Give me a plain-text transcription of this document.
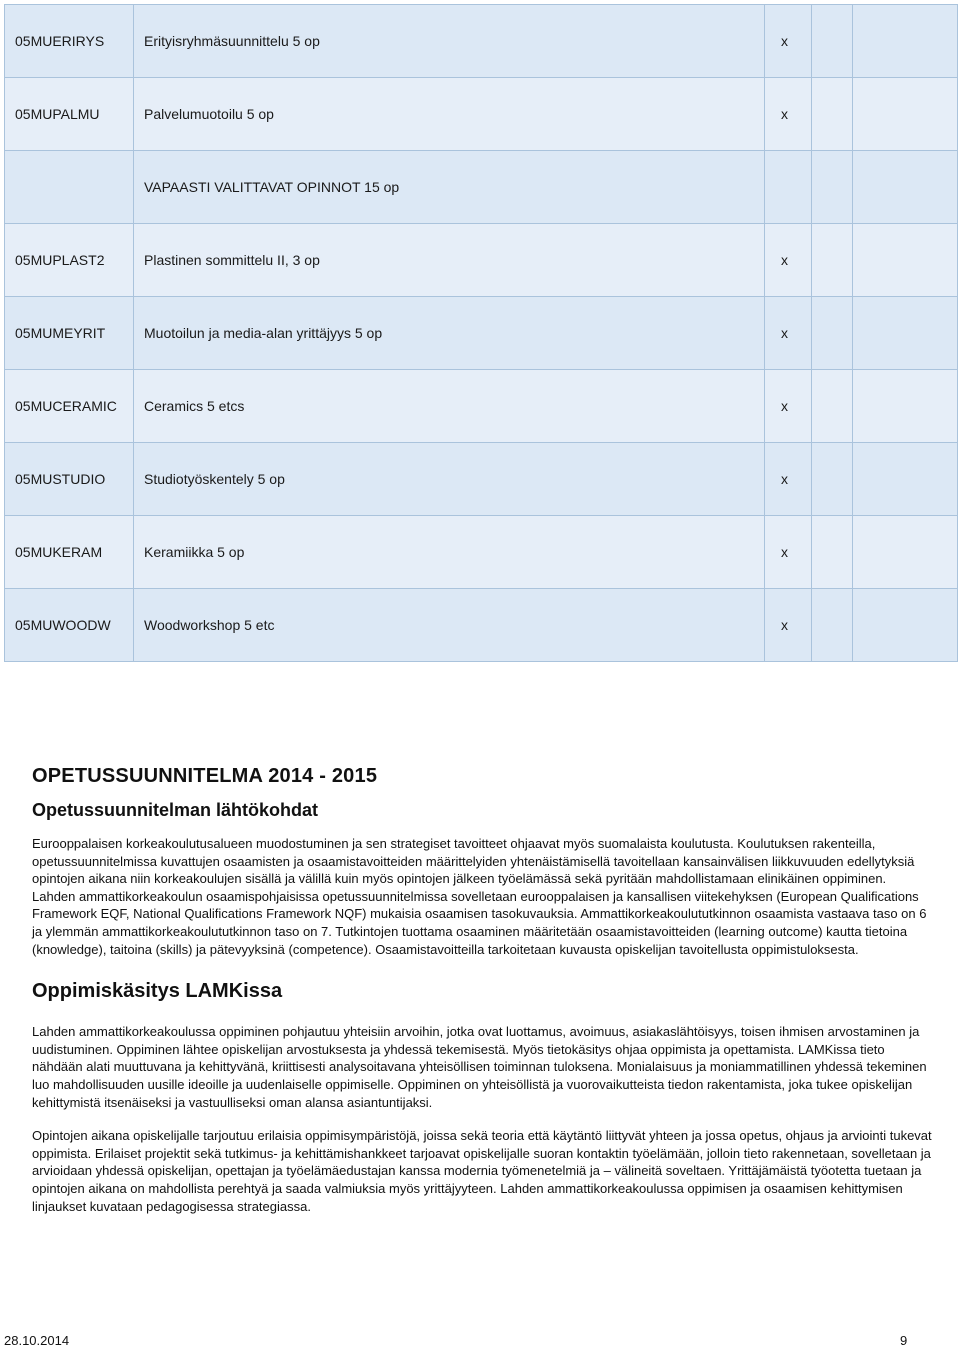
05MUERIRYS	Erityisryhmäsuunnittelu 5 op	x		
05MUPALMU	Palvelumuotoilu 5 op	x		
	VAPAASTI VALITTAVAT OPINNOT 15 op			
05MUPLAST2	Plastinen sommittelu II, 3 op	x		
05MUMEYRIT	Muotoilun ja media-alan yrittäjyys 5 op	x		
05MUCERAMIC	Ceramics 5 etcs	x		
05MUSTUDIO	Studiotyöskentely 5 op	x		
05MUKERAM	Keramiikka 5 op	x		
05MUWOODW	Woodworkshop 5 etc	x		
OPETUSSUUNNITELMA 2014 - 2015
Opetussuunnitelman lähtökohdat

Eurooppalaisen korkeakoulutusalueen muodostuminen ja sen strategiset tavoitteet ohjaavat myös suomalaista koulutusta. Koulutuksen rakenteilla, opetussuunnitelmissa kuvattujen osaamisten ja osaamistavoitteiden määrittelyiden yhtenäistämisellä tavoitellaan kansainvälisen liikkuvuuden edellytyksiä opintojen aikana niin korkeakoulujen sisällä ja välillä kuin myös opintojen jälkeen työelämässä sekä pyritään mahdollistamaan elinikäinen oppiminen. Lahden ammattikorkeakoulun osaamispohjaisissa opetussuunnitelmissa sovelletaan eurooppalaisen ja kansallisen viitekehyksen (European Qualifications Framework EQF, National Qualifications Framework NQF) mukaisia osaamisen tasokuvauksia. Ammattikorkeakoulututkinnon osaamista vastaava taso on 6 ja ylemmän ammattikorkeakoulututkinnon taso on 7. Tutkintojen tuottama osaaminen määritetään osaamistavoitteiden (learning outcome) kautta tietoina (knowledge), taitoina (skills) ja pätevyyksinä (competence). Osaamistavoitteilla tarkoitetaan kuvausta opiskelijan tavoitellusta oppimistuloksesta.

Oppimiskäsitys LAMKissa

Lahden ammattikorkeakoulussa oppiminen pohjautuu yhteisiin arvoihin, jotka ovat luottamus, avoimuus, asiakaslähtöisyys, toisen ihmisen arvostaminen ja uudistuminen. Oppiminen lähtee opiskelijan arvostuksesta ja yhdessä tekemisestä. Myös tietokäsitys ohjaa oppimista ja opettamista. LAMKissa tieto nähdään alati muuttuvana ja kehittyvänä, kriittisesti analysoitavana yhteisöllisen toiminnan tuloksena. Monialaisuus ja moniammatillinen yhdessä tekeminen luo mahdollisuuden uusille ideoille ja uudenlaiselle oppimiselle. Oppiminen on yhteisöllistä ja vuorovaikutteista tiedon rakentamista, joka tukee opiskelijan kehittymistä itsenäiseksi ja vastuulliseksi oman alansa asiantuntijaksi.

Opintojen aikana opiskelijalle tarjoutuu erilaisia oppimisympäristöjä, joissa sekä teoria että käytäntö liittyvät yhteen ja jossa opetus, ohjaus ja arviointi tukevat oppimista. Erilaiset projektit sekä tutkimus- ja kehittämishankkeet tarjoavat opiskelijalle suoran kontaktin työelämään, jolloin tieto rakennetaan, sovelletaan ja arvioidaan yhdessä opiskelijan, opettajan ja työelämäedustajan kanssa modernia työmenetelmiä ja – välineitä soveltaen. Yrittäjämäistä työotetta tuetaan ja opintojen aikana on mahdollista perehtyä ja saada valmiuksia myös yrittäjyyteen. Lahden ammattikorkeakoulussa oppimisen ja osaamisen kehittymisen linjaukset kuvataan pedagogisessa strategiassa.

28.10.2014	9
